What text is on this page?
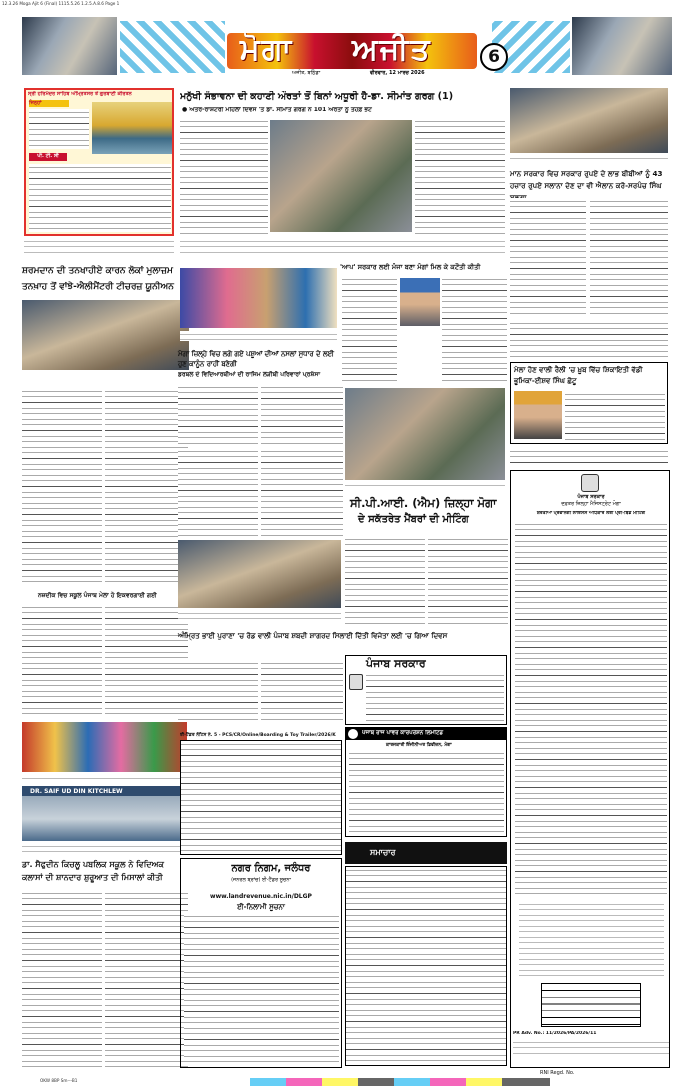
12.3.26 Moga Ajit 6 (Final) 1115.5.26 1.2.5.A.8.6 Page 1
ਮੋਗਾ	ਅਜੀਤ
ਅਜੀਤ, ਬਠਿੰਡਾ	ਵੀਰਵਾਰ, 12 ਮਾਰਚ 2026
6
ਸ੍ਰੀ ਹਰਿਮੰਦਰ ਸਾਹਿਬ ਅੰਮ੍ਰਿਤਸਰ ਤੋਂ ਗੁਰਬਾਣੀ ਕੀਰਤਨ
ਜਿਨ੍ਹਾਂ
ਪੀ. ਟੀ. ਸੀ
ਸ਼ਰਮਦਾਨ ਦੀ ਤਨਖਾਹੀਏ ਕਾਰਨ ਲੋਕਾਂ ਮੁਲਾਜ਼ਮ ਤਨਖ਼ਾਹ ਤੋਂ ਵਾਂਝੇ-ਐਲੀਮੈਂਟਰੀ ਟੀਚਰਜ਼ ਯੂਨੀਅਨ
ਨਜ਼ਦੀਕ ਵਿਚ ਸਕੂਲ ਪੰਜਾਬ ਮੇਲਾ ਹੋ ਇਕਵਰਗਾਈ ਗਈ
DR. SAIF UD DIN KITCHLEW
ਡਾ. ਸੈਫੁਦੀਨ ਕਿਚਲੂ ਪਬਲਿਕ ਸਕੂਲ ਨੇ ਵਿਦਿਅਕ ਕਲਾਸਾਂ ਦੀ ਸ਼ਾਨਦਾਰ ਸ਼ੁਰੂਆਤ ਦੀ ਮਿਸਾਲਾਂ ਕੀਤੀ
ਮਨੁੱਖੀ ਸੰਭਾਵਨਾ ਦੀ ਕਹਾਣੀ ਔਰਤਾਂ ਤੋਂ ਬਿਨਾਂ ਅਧੂਰੀ ਹੈ-ਡਾ. ਸੀਮਾਂਤ ਗਰਗ (1)
● ਅੰਤਰ-ਰਾਸ਼ਟਰੀ ਮਹਿਲਾ ਦਿਵਸ 'ਤੇ ਡਾ. ਸੀਮਾਂਤ ਗਰਗ ਨੇ 101 ਔਰਤਾਂ ਨੂੰ ਤੋਹਫ਼ੇ ਭੇਟ
ਮਾਨ ਸਰਕਾਰ ਵਿਚ ਸਰਕਾਰ ਰੁਪਏ ਦੇ ਲਾਭ ਬੀਬੀਆਂ ਨੂੰ 43 ਹਜ਼ਾਰ ਰੁਪਏ ਸਲਾਨਾ ਦੇਣ ਦਾ ਵੀ ਐਲਾਨ ਕਰੋ-ਸਰਪੰਚ ਸਿੰਘ
'ਆਪ' ਸਰਕਾਰ ਲਈ ਮੰਜਾ ਬਣਾ ਮੰਗਾਂ ਮਿਲ ਕੇ ਕਟੌਤੀ ਕੀਤੀ
ਮੋਗਾ ਜ਼ਿਲ੍ਹੇ ਵਿਚ ਲਗੇ ਗਏ ਪਸ਼ੂਆਂ ਦੀਆਂ ਨਸਲਾਂ ਸੁਧਾਰ ਦੇ ਲਈ ਹੁਣ ਕਾਨੂੰਨ ਰਾਹੀਂ ਬਣੇਗੀ
ਡਰਬਲ ਦੇ ਵਿਦਿਆਰਥੀਆਂ ਦੀ ਰਾਜਿਮ ਲੜੀਬੀ ਪਰਿਵਾਰਾਂ ਪ੍ਰਸ਼ੰਸਾ
ਸੀ.ਪੀ.ਆਈ. (ਐਮ) ਜ਼ਿਲ੍ਹਾ ਮੋਗਾ
ਦੇ ਸਕੱਤਰੇਤ ਮੈਂਬਰਾਂ ਦੀ ਮੀਟਿੰਗ
ਅੰਮ੍ਰਿਤ ਭਾਈ ਪੁਰਾਣਾ 'ਚ ਰੋਡ ਵਾਲੀ ਪੰਜਾਬ ਸ਼ਬਦੀ ਸ਼ਾਗਰਦ ਸਿਲਾਈ ਦਿੱਤੀ ਵਿਜੇਤਾ ਲਈ 'ਚ ਗਿਆ ਦਿਵਸ
ਪੰਜਾਬ ਸਰਕਾਰ
ਈ-ਟੈਂਡਰ ਨੋਟਿਸ ਨੰ. 5 - PCS/CR/Online/Boarding & Toy Trailer/2026/K	ਪੰਜਾਬ ਰਾਜ ਪਾਵਰ ਕਾਰਪੋਰੇਸ਼ਨ ਲਿਮਟਿਡ
ਕਾਰਜਕਾਰੀ ਇੰਜੀਨੀਅਰ ਡਿਵੀਜ਼ਨ, ਮੋਗਾ
ਨਗਰ ਨਿਗਮ, ਜਲੰਧਰ
(ਜਨਰਲ ਬ੍ਰਾਂਚ) ਈ-ਟੈਂਡਰ ਸੂਚਨਾ
www.landrevenue.nic.in/DLGP
ਈ-ਨਿਲਾਮੀ ਸੂਚਨਾ
ਸਮਾਚਾਰ
ਮੇਲਾ ਹੋਣ ਵਾਲੀ ਰੈਲੀ 'ਚ ਖ਼ੂਬ ਵਿੱਚ ਸ਼ਿਕਾਇਤੀ ਵੱਡੀ ਭੂਮਿਕਾ-ਈਸ਼ਵ ਸਿੰਘ ਛੋਟੂ
ਪੰਜਾਬ ਸਰਕਾਰ
ਦਫ਼ਤਰ ਜ਼ਿਲ੍ਹਾ ਮੈਜਿਸਟ੍ਰੇਟ ਮੋਗਾ
ਸ਼ਰਤੀਆ ਪ੍ਰਵਾਨਗੀ ਲਾਇਸੰਸ ਅਧਿਕਾਰ ਲਈ ਪ੍ਰੀ-ਬਿਡ ਮੀਟਿੰਗ
PR Adv. No.: 11/2026/PA/2026/11
RNI Regd. No.
OKW 8BP Sm---B1
